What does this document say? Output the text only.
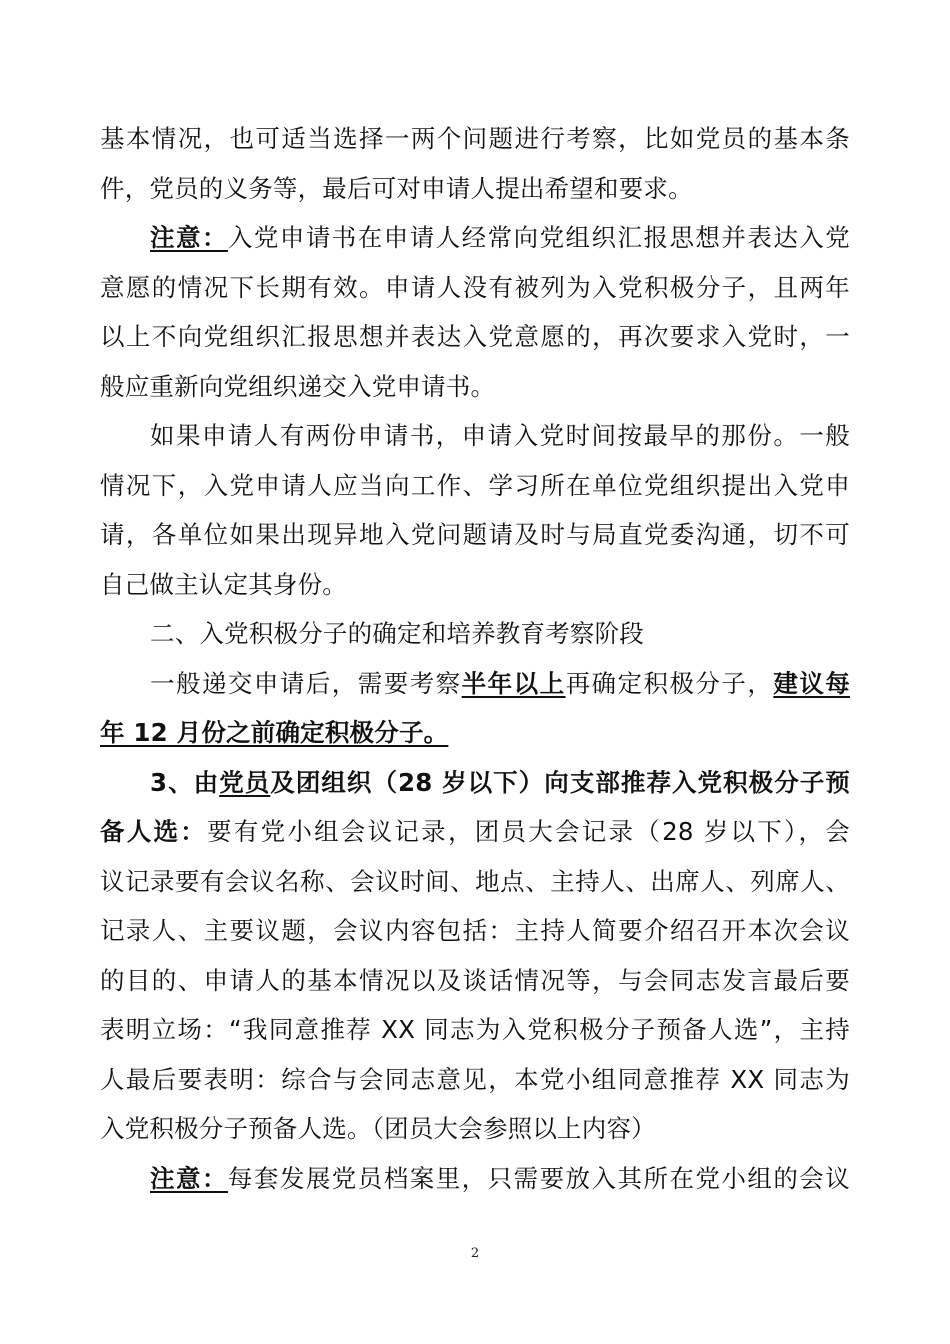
基本情况，也可适当选择一两个问题进行考察，比如党员的基本条
件，党员的义务等，最后可对申请人提出希望和要求。
注意：入党申请书在申请人经常向党组织汇报思想并表达入党
意愿的情况下长期有效。申请人没有被列为入党积极分子，且两年
以上不向党组织汇报思想并表达入党意愿的，再次要求入党时，一
般应重新向党组织递交入党申请书。
如果申请人有两份申请书，申请入党时间按最早的那份。一般
情况下，入党申请人应当向工作、学习所在单位党组织提出入党申
请，各单位如果出现异地入党问题请及时与局直党委沟通，切不可
自己做主认定其身份。
二、入党积极分子的确定和培养教育考察阶段
一般递交申请后，需要考察半年以上再确定积极分子，建议每
年 12 月份之前确定积极分子。
3、由党员及团组织（28 岁以下）向支部推荐入党积极分子预
备人选：要有党小组会议记录，团员大会记录（28 岁以下），会
议记录要有会议名称、会议时间、地点、主持人、出席人、列席人、
记录人、主要议题，会议内容包括：主持人简要介绍召开本次会议
的目的、申请人的基本情况以及谈话情况等，与会同志发言最后要
表明立场：“我同意推荐 XX 同志为入党积极分子预备人选”，主持
人最后要表明：综合与会同志意见，本党小组同意推荐 XX 同志为
入党积极分子预备人选。（团员大会参照以上内容）
注意：每套发展党员档案里，只需要放入其所在党小组的会议
2
